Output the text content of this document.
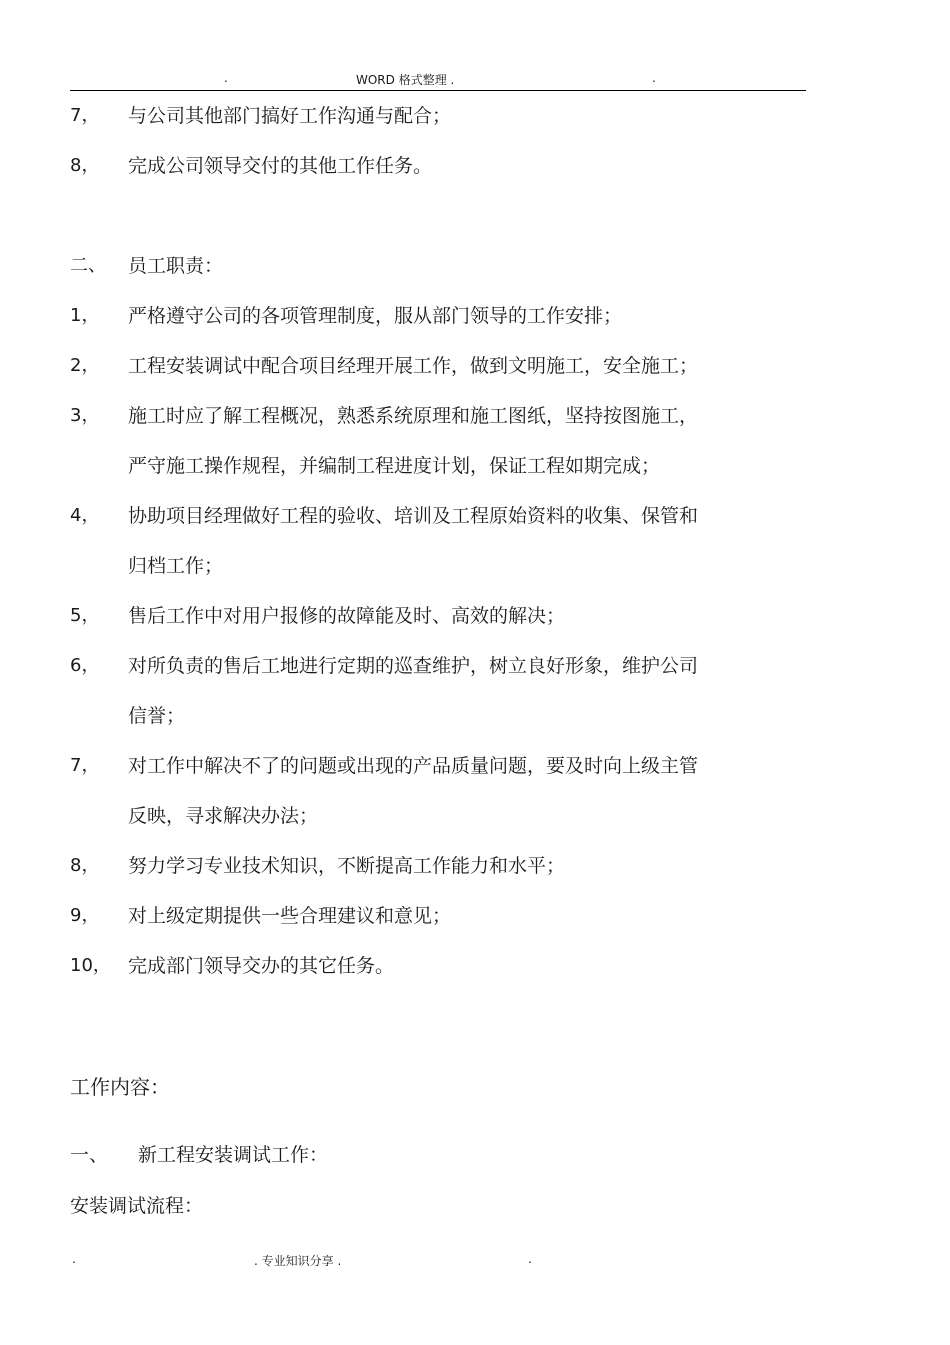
.	WORD 格式整理 .	.
7， 与公司其他部门搞好工作沟通与配合；
8， 完成公司领导交付的其他工作任务。
二、 员工职责：
1， 严格遵守公司的各项管理制度，服从部门领导的工作安排；
2， 工程安装调试中配合项目经理开展工作，做到文明施工，安全施工；
3， 施工时应了解工程概况，熟悉系统原理和施工图纸，坚持按图施工，
严守施工操作规程，并编制工程进度计划，保证工程如期完成；
4， 协助项目经理做好工程的验收、培训及工程原始资料的收集、保管和
归档工作；
5， 售后工作中对用户报修的故障能及时、高效的解决；
6， 对所负责的售后工地进行定期的巡查维护，树立良好形象，维护公司
信誉；
7， 对工作中解决不了的问题或出现的产品质量问题，要及时向上级主管
反映，寻求解决办法；
8， 努力学习专业技术知识，不断提高工作能力和水平；
9， 对上级定期提供一些合理建议和意见；
10， 完成部门领导交办的其它任务。
工作内容：
一、 新工程安装调试工作：
安装调试流程：
.	. 专业知识分享 .	.
